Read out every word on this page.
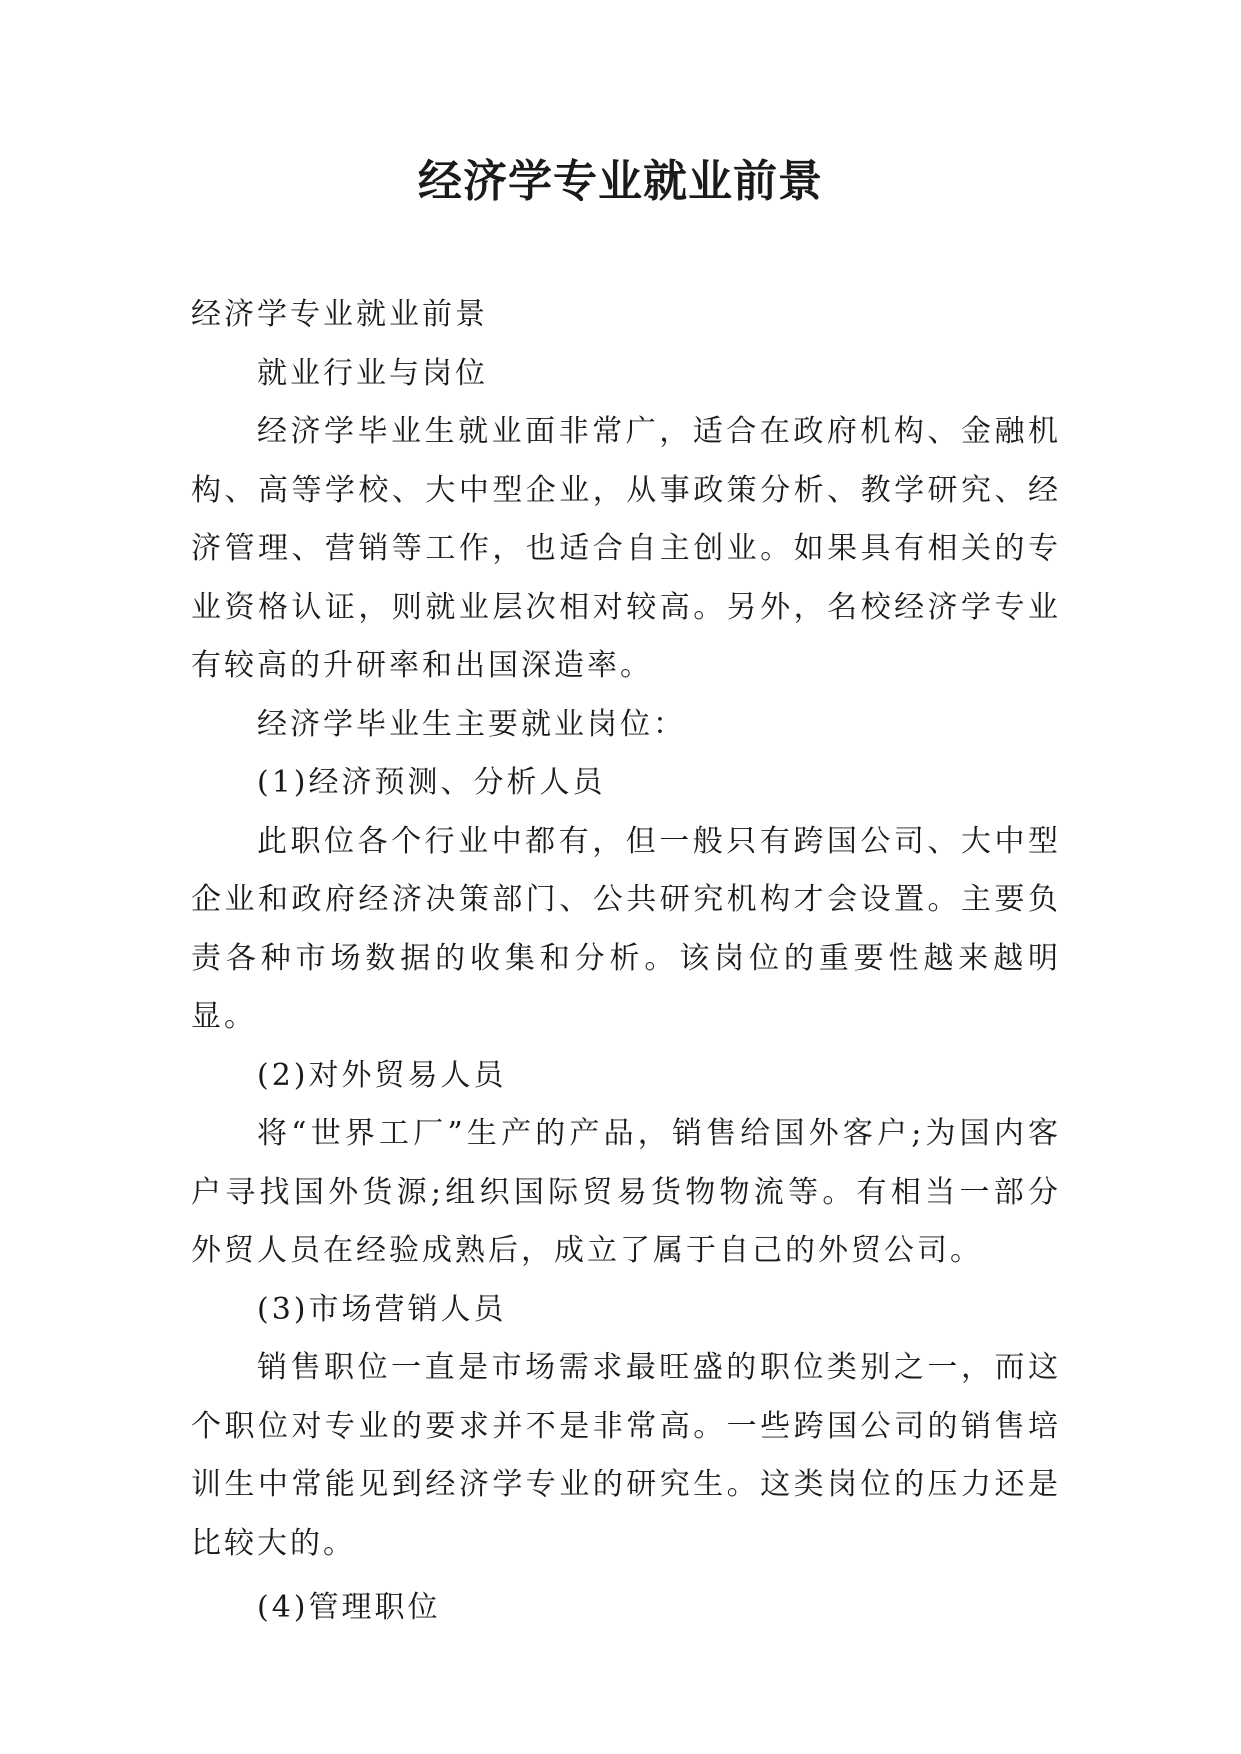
经济学专业就业前景

经济学专业就业前景

就业行业与岗位

经济学毕业生就业面非常广，适合在政府机构、金融机构、高等学校、大中型企业，从事政策分析、教学研究、经济管理、营销等工作，也适合自主创业。如果具有相关的专业资格认证，则就业层次相对较高。另外，名校经济学专业有较高的升研率和出国深造率。

经济学毕业生主要就业岗位：

(1)经济预测、分析人员

此职位各个行业中都有，但一般只有跨国公司、大中型企业和政府经济决策部门、公共研究机构才会设置。主要负责各种市场数据的收集和分析。该岗位的重要性越来越明显。

(2)对外贸易人员

将“世界工厂”生产的产品，销售给国外客户;为国内客户寻找国外货源;组织国际贸易货物物流等。有相当一部分外贸人员在经验成熟后，成立了属于自己的外贸公司。

(3)市场营销人员

销售职位一直是市场需求最旺盛的职位类别之一，而这个职位对专业的要求并不是非常高。一些跨国公司的销售培训生中常能见到经济学专业的研究生。这类岗位的压力还是比较大的。

(4)管理职位
